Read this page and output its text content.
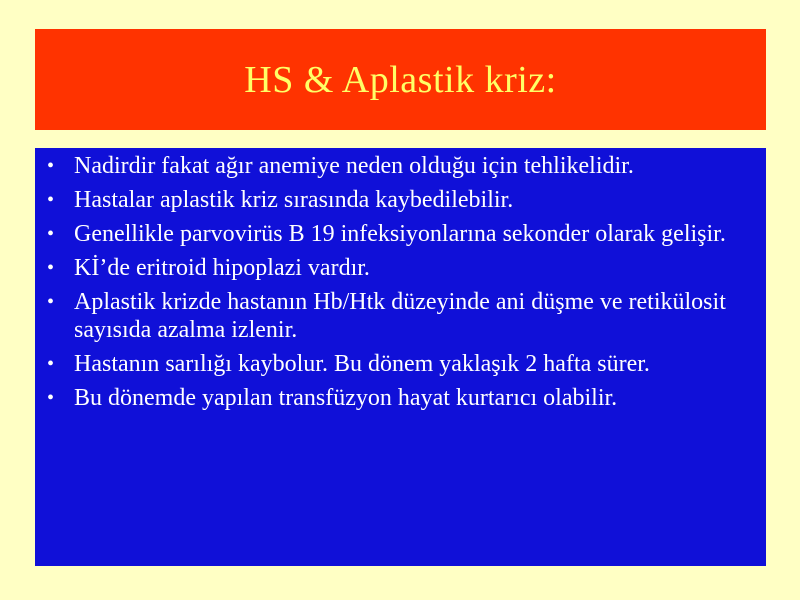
HS & Aplastik kriz:
• Nadirdir fakat ağır anemiye neden olduğu için tehlikelidir.
• Hastalar aplastik kriz sırasında kaybedilebilir.
• Genellikle parvovirüs B 19 infeksiyonlarına sekonder olarak gelişir.
• Kİ’de eritroid hipoplazi vardır.
• Aplastik krizde hastanın Hb/Htk düzeyinde ani düşme ve retikülosit sayısıda azalma izlenir.
• Hastanın sarılığı kaybolur. Bu dönem yaklaşık 2 hafta sürer.
• Bu dönemde yapılan transfüzyon hayat kurtarıcı olabilir.
